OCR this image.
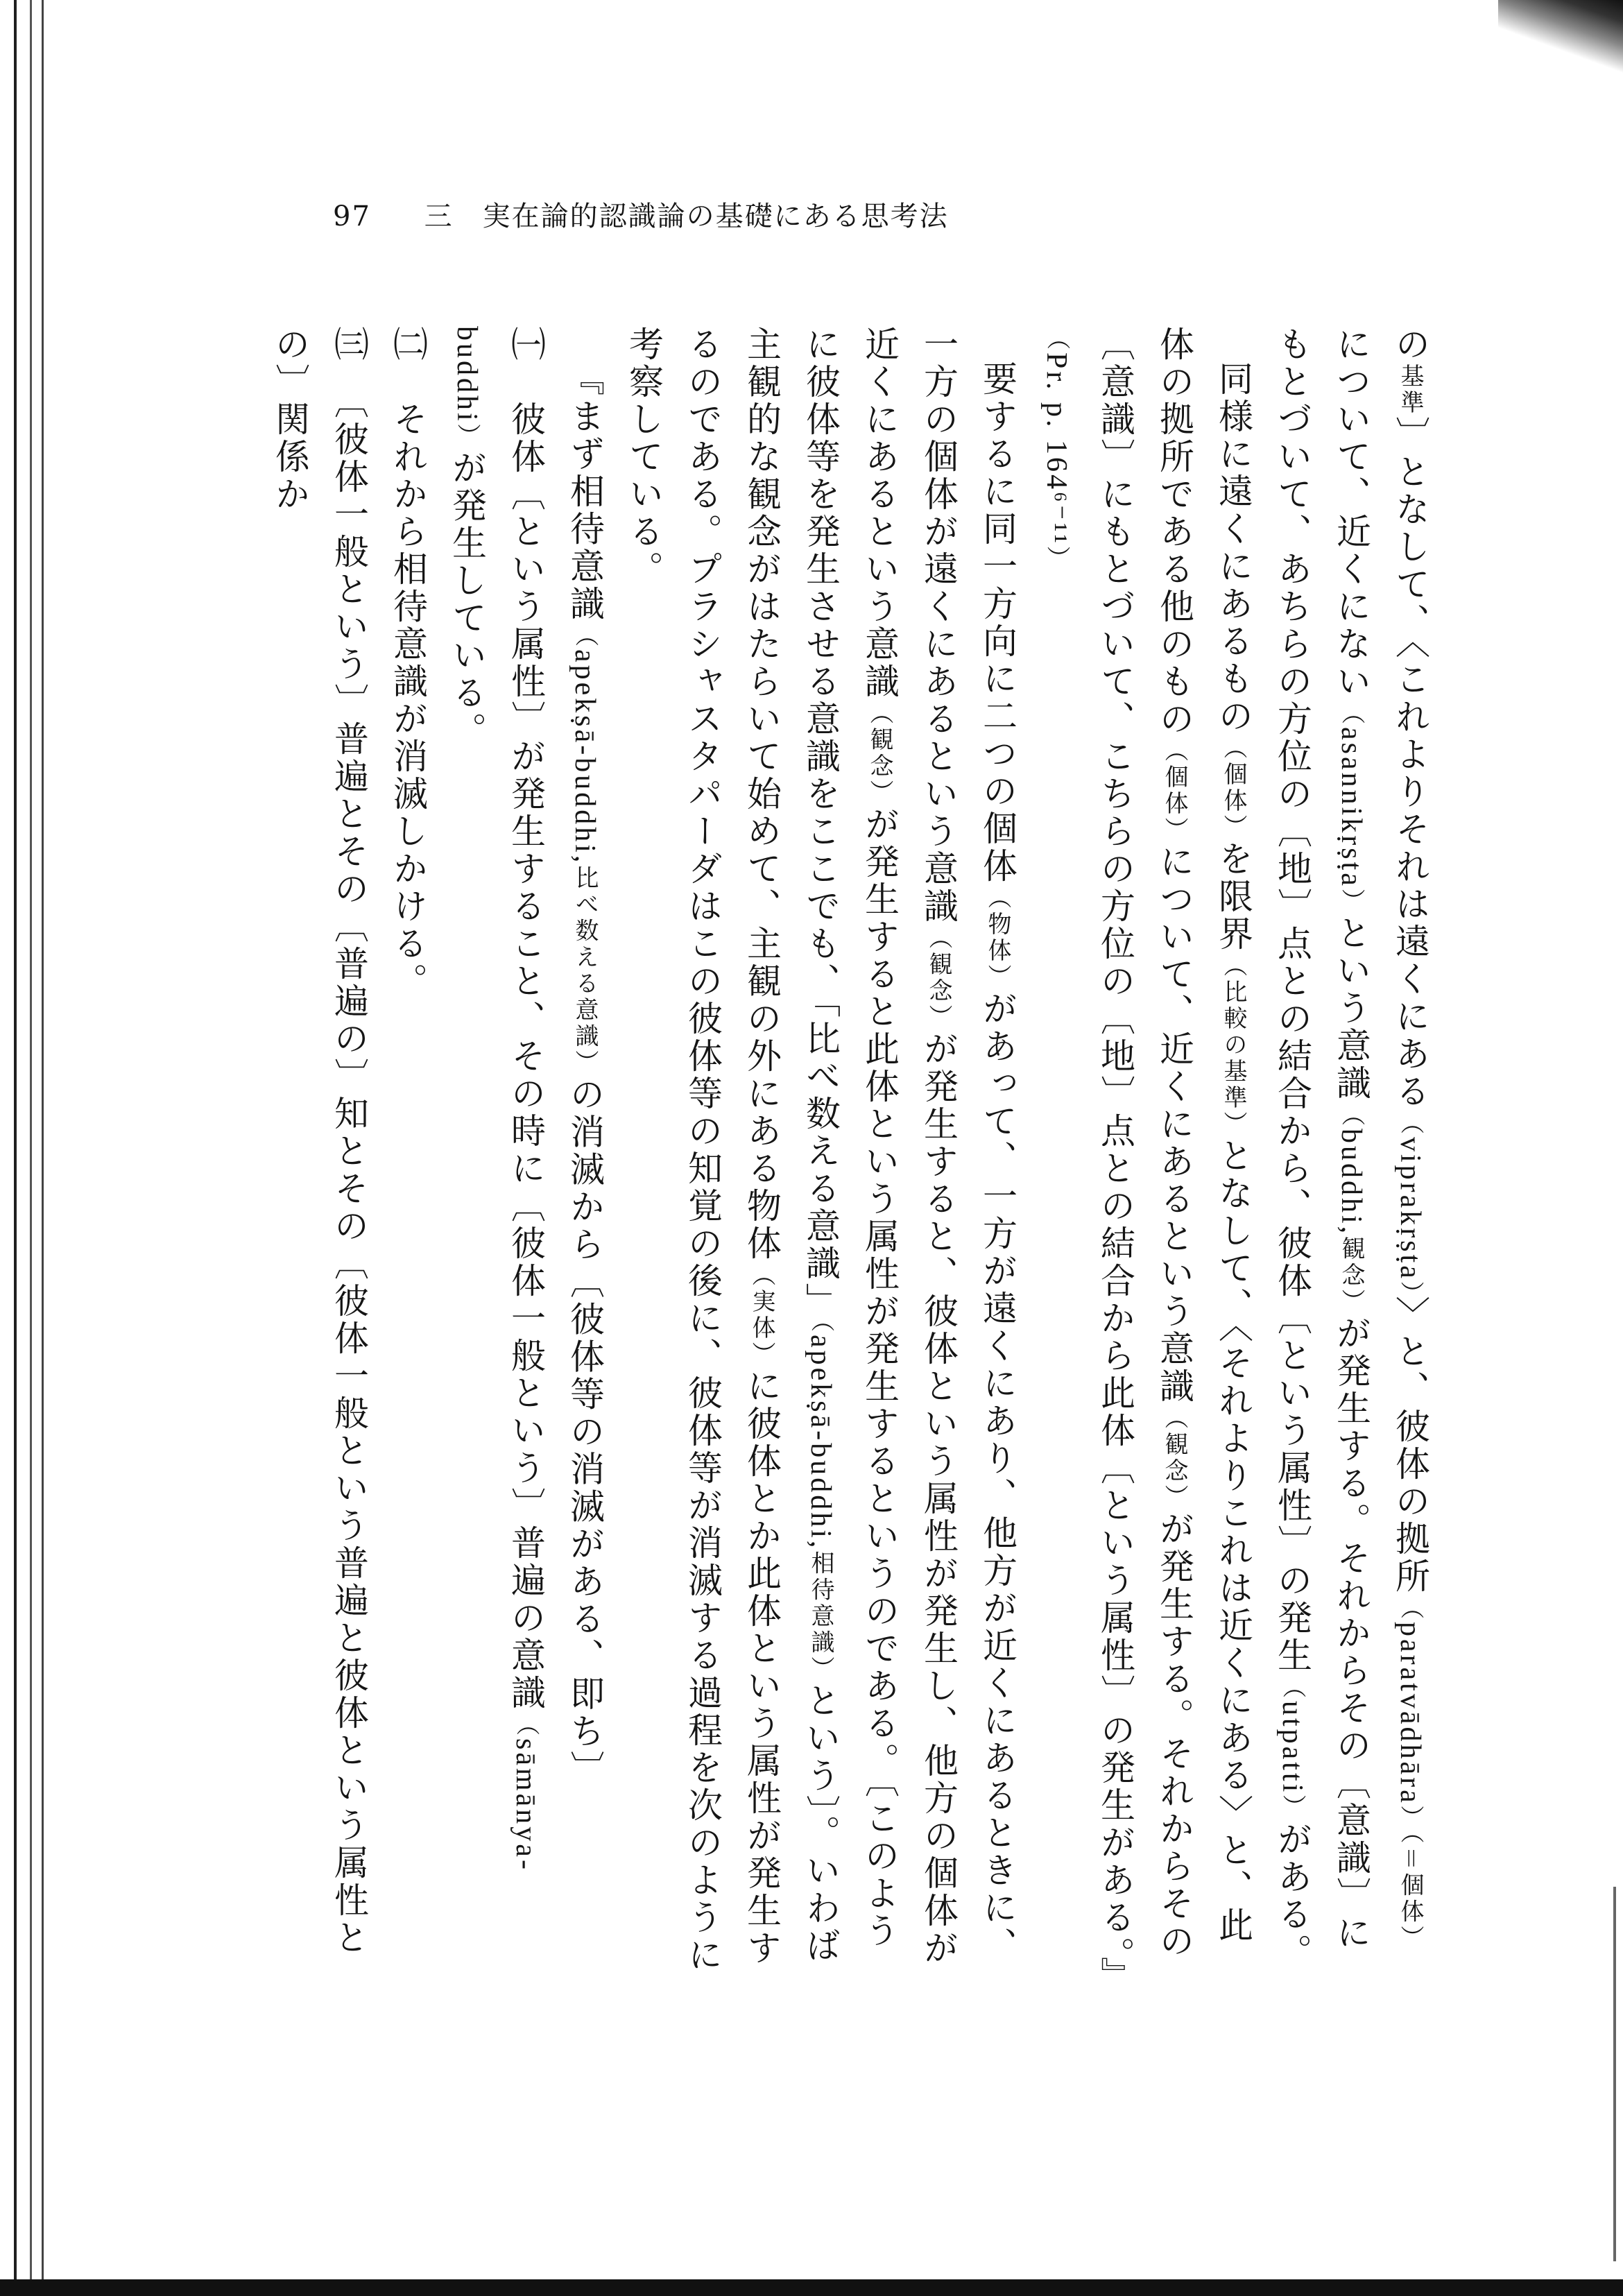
97 三　実在論的認識論の基礎にある思考法

の基準〕となして、〈これよりそれは遠くにある（viprakṛṣṭa）〉と、彼体の拠所（paratvādhāra）（＝個体）について、近くにない（asannikṛṣṭa）という意識（buddhi,観念）が発生する。それからその〔意識〕にもとづいて、あちらの方位の〔地〕点との結合から、彼体〔という属性〕の発生（utpatti）がある。

同様に遠くにあるもの（個体）を限界（比較の基準）となして、〈それよりこれは近くにある〉と、此体の拠所である他のもの（個体）について、近くにあるという意識（観念）が発生する。それからその〔意識〕にもとづいて、こちらの方位の〔地〕点との結合から此体〔という属性〕の発生がある。』（Pr. p. 164⁶⁻¹¹）

要するに同一方向に二つの個体（物体）があって、一方が遠くにあり、他方が近くにあるときに、一方の個体が遠くにあるという意識（観念）が発生すると、彼体という属性が発生し、他方の個体が近くにあるという意識（観念）が発生すると此体という属性が発生するというのである。〔このように彼体等を発生させる意識をここでも、「比べ数える意識」（apekṣā-buddhi,相待意識）という〕。いわば主観的な観念がはたらいて始めて、主観の外にある物体（実体）に彼体とか此体という属性が発生するのである。プラシャスタパーダはこの彼体等の知覚の後に、彼体等が消滅する過程を次のように考察している。

『まず相待意識（apekṣā-buddhi,比べ数える意識）の消滅から〔彼体等の消滅がある、即ち〕

㈠　彼体〔という属性〕が発生すること、その時に〔彼体一般という〕普遍の意識（sāmānya-buddhi）が発生している。

㈡　それから相待意識が消滅しかける。

㈢　〔彼体一般という〕普遍とその〔普遍の〕知とその〔彼体一般という普遍と彼体という属性との〕関係か
